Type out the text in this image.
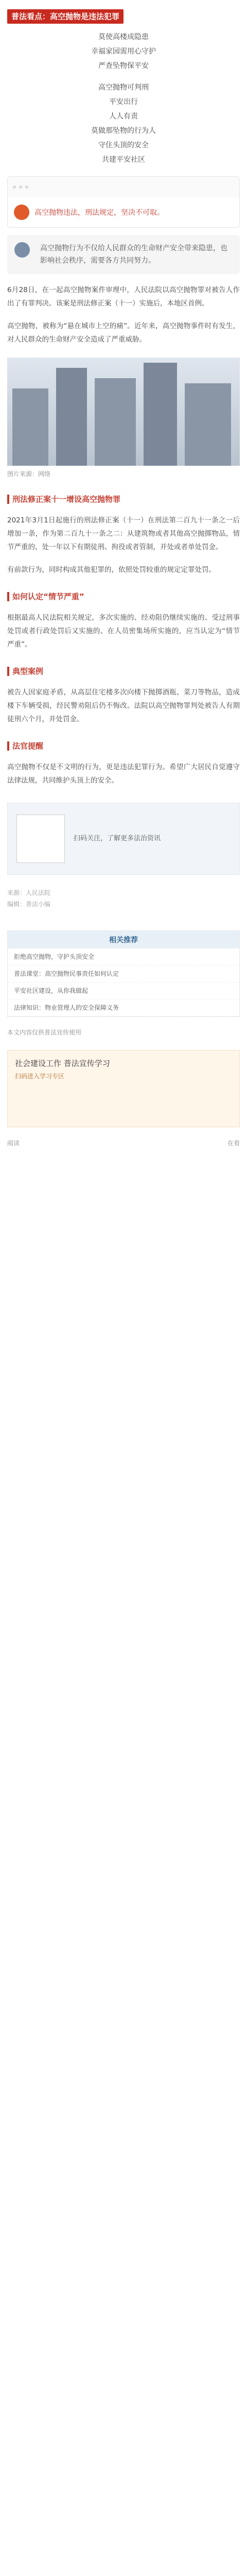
普法看点：高空抛物是违法犯罪
莫使高楼成隐患
幸福家园需用心守护
严查坠物保平安
高空抛物可判刑
平安出行
人人有责
莫做那坠物的行为人
守住头顶的安全
共建平安社区
高空抛物违法，刑法规定，坚决不可取。
高空抛物行为不仅给人民群众的生命财产安全带来隐患，也影响社会秩序，需要各方共同努力。

6月28日，在一起高空抛物案件审理中，人民法院以高空抛物罪对被告人作出了有罪判决。该案是刑法修正案（十一）实施后，本地区首例。

高空抛物，被称为“悬在城市上空的痛”。近年来，高空抛物事件时有发生，对人民群众的生命财产安全造成了严重威胁。

图片来源：网络
刑法修正案十一增设高空抛物罪

2021年3月1日起施行的刑法修正案（十一）在刑法第二百九十一条之一后增加一条，作为第二百九十一条之二：从建筑物或者其他高空抛掷物品，情节严重的，处一年以下有期徒刑、拘役或者管制，并处或者单处罚金。

有前款行为，同时构成其他犯罪的，依照处罚较重的规定定罪处罚。

如何认定“情节严重”

根据最高人民法院相关规定，多次实施的、经劝阻仍继续实施的、受过刑事处罚或者行政处罚后又实施的、在人员密集场所实施的，应当认定为“情节严重”。

典型案例

被告人因家庭矛盾，从高层住宅楼多次向楼下抛掷酒瓶、菜刀等物品，造成楼下车辆受损，经民警劝阻后仍不悔改。法院以高空抛物罪判处被告人有期徒刑六个月，并处罚金。

法官提醒

高空抛物不仅是不文明的行为，更是违法犯罪行为。希望广大居民自觉遵守法律法规，共同维护头顶上的安全。

扫码关注，了解更多法治资讯
来源：人民法院
编辑：普法小编
相关推荐
拒绝高空抛物，守护头顶安全
普法课堂：高空抛物民事责任如何认定
平安社区建设，从你我做起
法律知识：物业管理人的安全保障义务
本文内容仅供普法宣传使用
社会建设工作 普法宣传学习
扫码进入学习专区
阅读	在看
